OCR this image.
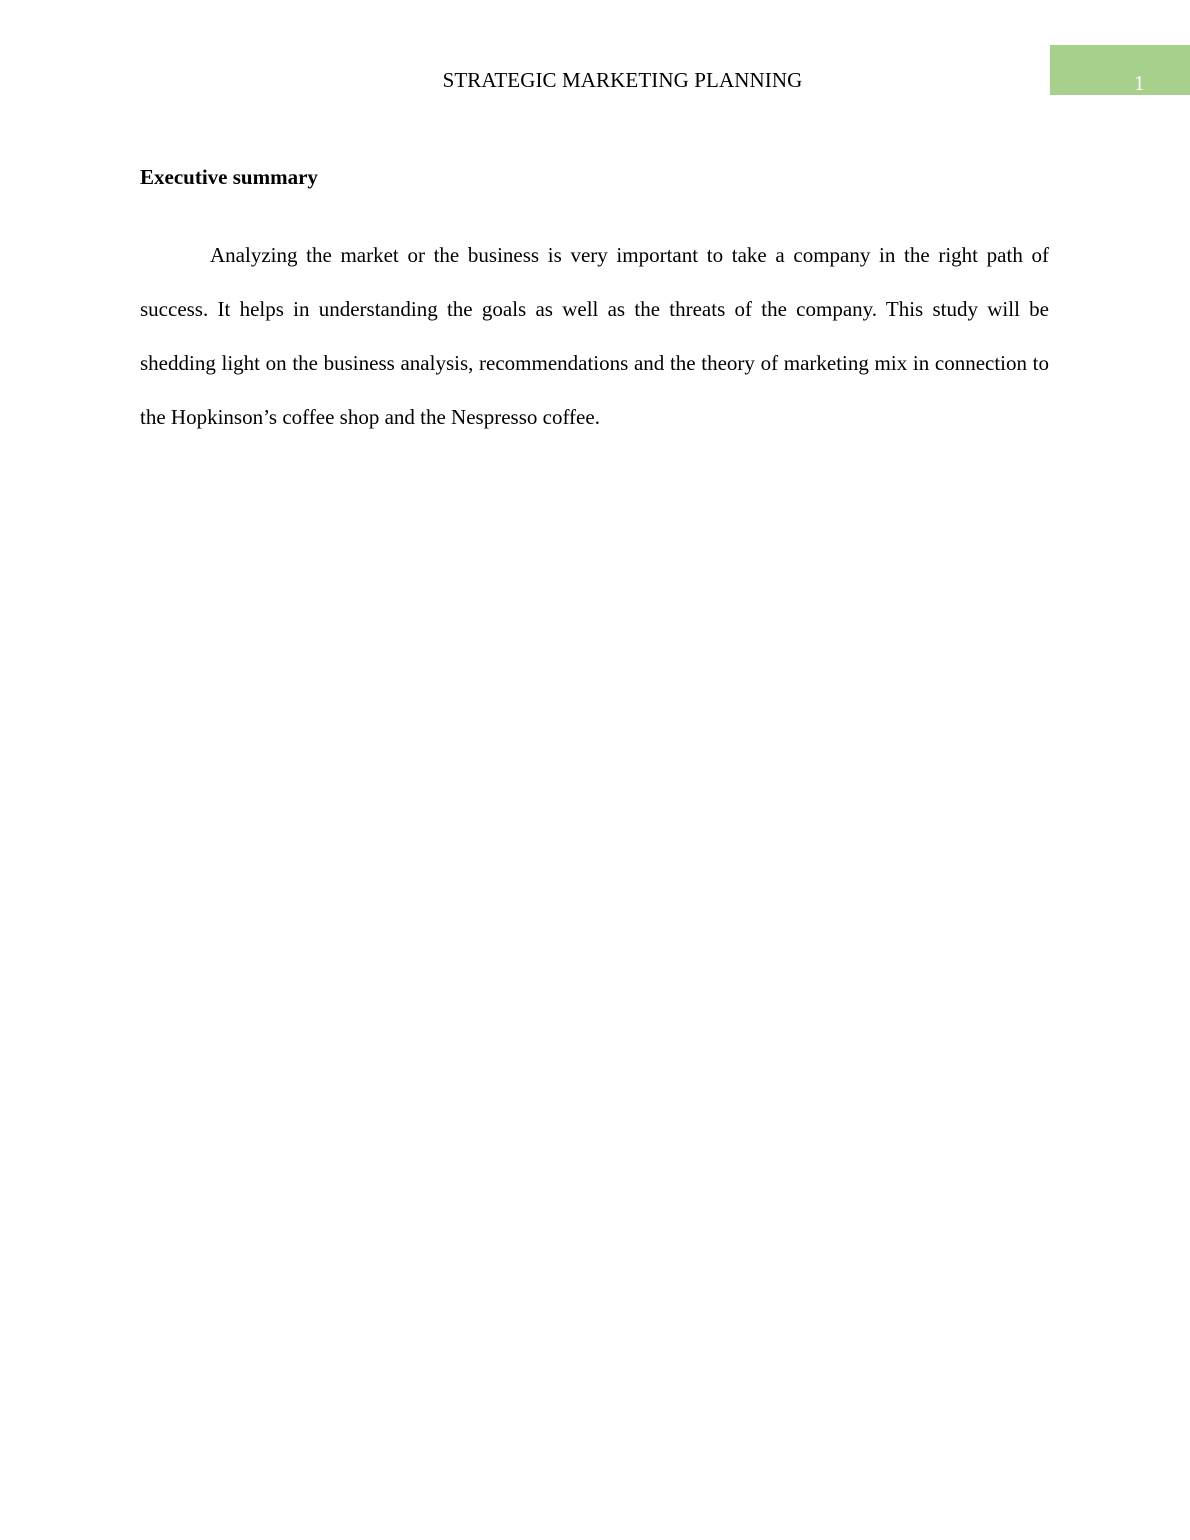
STRATEGIC MARKETING PLANNING	1
Executive summary

Analyzing the market or the business is very important to take a company in the right path of success. It helps in understanding the goals as well as the threats of the company. This study will be shedding light on the business analysis, recommendations and the theory of marketing mix in connection to the Hopkinson’s coffee shop and the Nespresso coffee.
